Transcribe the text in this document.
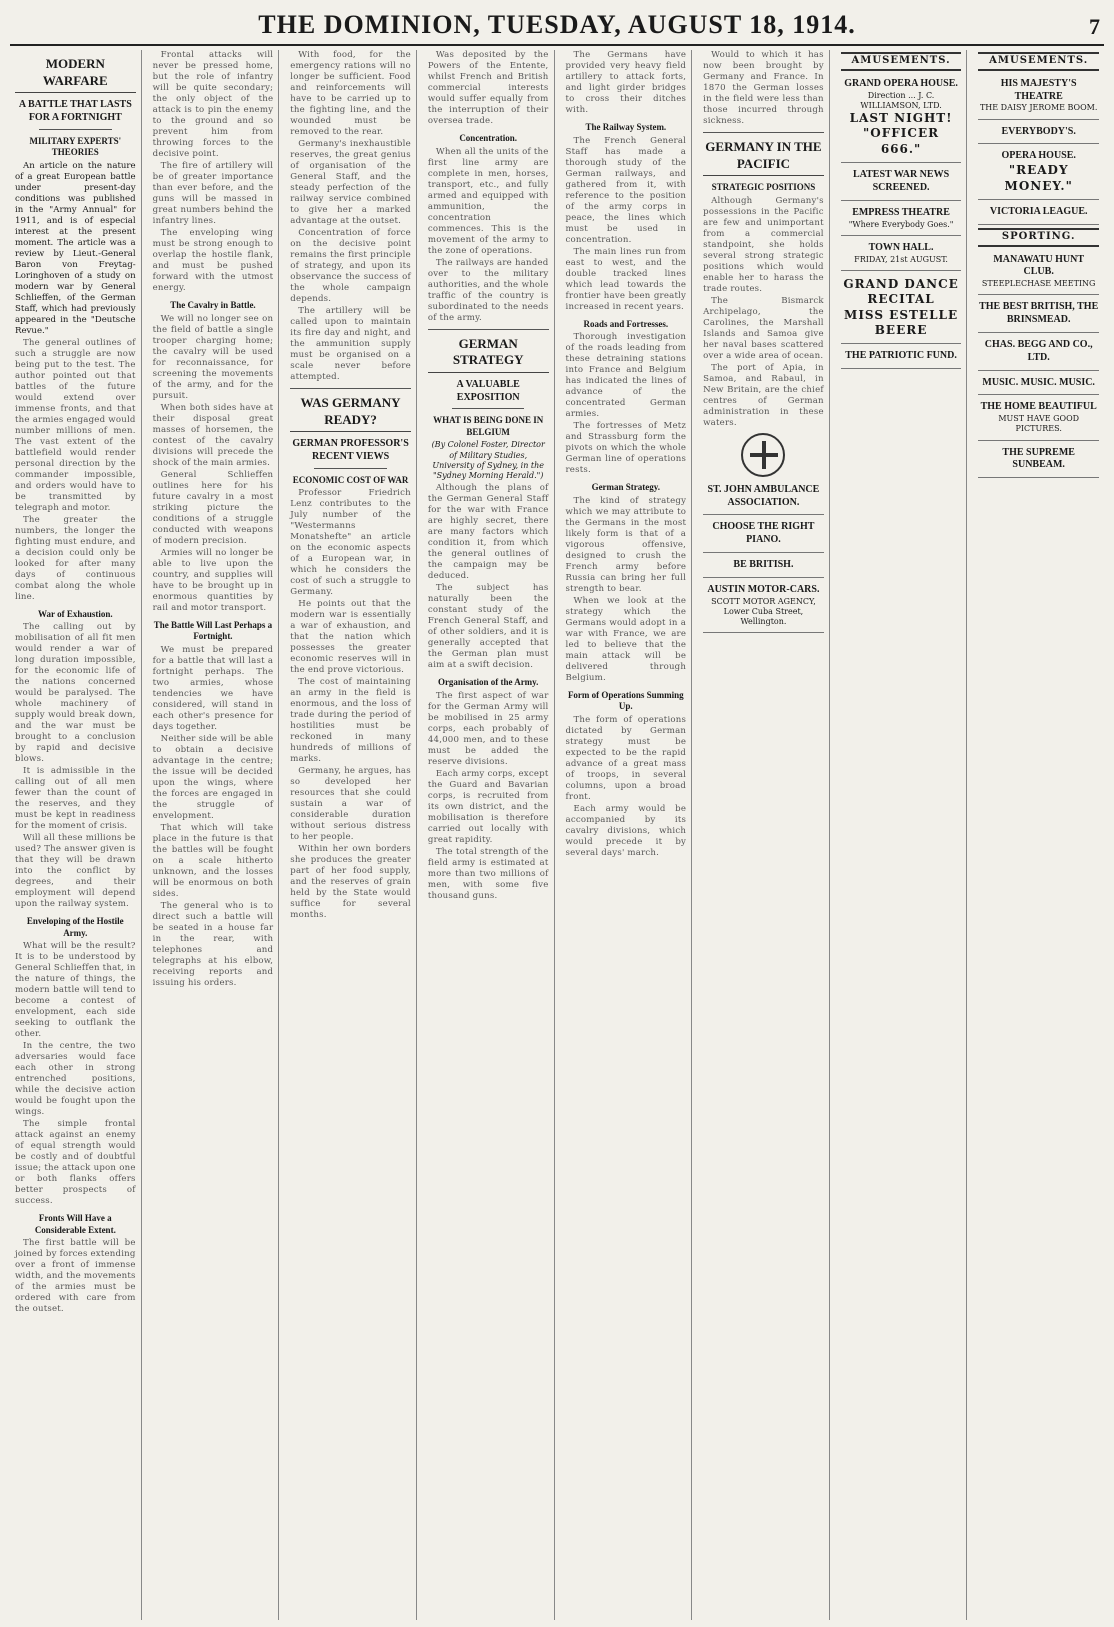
THE DOMINION, TUESDAY, AUGUST 18, 1914.	7
MODERN WARFARE
A BATTLE THAT LASTS FOR A FORTNIGHT
MILITARY EXPERTS' THEORIES

An article on the nature of a great European battle under present-day conditions was published in the "Army Annual" for 1911, and is of especial interest at the present moment. The article was a review by Lieut.-General Baron von Freytag-Loringhoven of a study on modern war by General Schlieffen, of the German Staff, which had previously appeared in the "Deutsche Revue."

The general outlines of such a struggle are now being put to the test. The author pointed out that battles of the future would extend over immense fronts, and that the armies engaged would number millions of men. The vast extent of the battlefield would render personal direction by the commander impossible, and orders would have to be transmitted by telegraph and motor.

The greater the numbers, the longer the fighting must endure, and a decision could only be looked for after many days of continuous combat along the whole line.

War of Exhaustion.

The calling out by mobilisation of all fit men would render a war of long duration impossible, for the economic life of the nations concerned would be paralysed. The whole machinery of supply would break down, and the war must be brought to a conclusion by rapid and decisive blows.

It is admissible in the calling out of all men fewer than the count of the reserves, and they must be kept in readiness for the moment of crisis.

Will all these millions be used? The answer given is that they will be drawn into the conflict by degrees, and their employment will depend upon the railway system.

Enveloping of the Hostile Army.

What will be the result? It is to be understood by General Schlieffen that, in the nature of things, the modern battle will tend to become a contest of envelopment, each side seeking to outflank the other.

In the centre, the two adversaries would face each other in strong entrenched positions, while the decisive action would be fought upon the wings.

The simple frontal attack against an enemy of equal strength would be costly and of doubtful issue; the attack upon one or both flanks offers better prospects of success.

Fronts Will Have a Considerable Extent.

The first battle will be joined by forces extending over a front of immense width, and the movements of the armies must be ordered with care from the outset.

Frontal attacks will never be pressed home, but the role of infantry will be quite secondary; the only object of the attack is to pin the enemy to the ground and so prevent him from throwing forces to the decisive point.

The fire of artillery will be of greater importance than ever before, and the guns will be massed in great numbers behind the infantry lines.

The enveloping wing must be strong enough to overlap the hostile flank, and must be pushed forward with the utmost energy.

The Cavalry in Battle.

We will no longer see on the field of battle a single trooper charging home; the cavalry will be used for reconnaissance, for screening the movements of the army, and for the pursuit.

When both sides have at their disposal great masses of horsemen, the contest of the cavalry divisions will precede the shock of the main armies.

General Schlieffen outlines here for his future cavalry in a most striking picture the conditions of a struggle conducted with weapons of modern precision.

Armies will no longer be able to live upon the country, and supplies will have to be brought up in enormous quantities by rail and motor transport.

The Battle Will Last Perhaps a Fortnight.

We must be prepared for a battle that will last a fortnight perhaps. The two armies, whose tendencies we have considered, will stand in each other's presence for days together.

Neither side will be able to obtain a decisive advantage in the centre; the issue will be decided upon the wings, where the forces are engaged in the struggle of envelopment.

That which will take place in the future is that the battles will be fought on a scale hitherto unknown, and the losses will be enormous on both sides.

The general who is to direct such a battle will be seated in a house far in the rear, with telephones and telegraphs at his elbow, receiving reports and issuing his orders.

With food, for the emergency rations will no longer be sufficient. Food and reinforcements will have to be carried up to the fighting line, and the wounded must be removed to the rear.

Germany's inexhaustible reserves, the great genius of organisation of the General Staff, and the steady perfection of the railway service combined to give her a marked advantage at the outset.

Concentration of force on the decisive point remains the first principle of strategy, and upon its observance the success of the whole campaign depends.

The artillery will be called upon to maintain its fire day and night, and the ammunition supply must be organised on a scale never before attempted.

WAS GERMANY READY?
GERMAN PROFESSOR'S RECENT VIEWS
ECONOMIC COST OF WAR

Professor Friedrich Lenz contributes to the July number of the "Westermanns Monatshefte" an article on the economic aspects of a European war, in which he considers the cost of such a struggle to Germany.

He points out that the modern war is essentially a war of exhaustion, and that the nation which possesses the greater economic reserves will in the end prove victorious.

The cost of maintaining an army in the field is enormous, and the loss of trade during the period of hostilities must be reckoned in many hundreds of millions of marks.

Germany, he argues, has so developed her resources that she could sustain a war of considerable duration without serious distress to her people.

Within her own borders she produces the greater part of her food supply, and the reserves of grain held by the State would suffice for several months.

Was deposited by the Powers of the Entente, whilst French and British commercial interests would suffer equally from the interruption of their oversea trade.

Concentration.

When all the units of the first line army are complete in men, horses, transport, etc., and fully armed and equipped with ammunition, the concentration commences. This is the movement of the army to the zone of operations.

The railways are handed over to the military authorities, and the whole traffic of the country is subordinated to the needs of the army.

GERMAN STRATEGY
A VALUABLE EXPOSITION
WHAT IS BEING DONE IN BELGIUM
(By Colonel Foster, Director of Military Studies, University of Sydney, in the "Sydney Morning Herald.")

Although the plans of the German General Staff for the war with France are highly secret, there are many factors which condition it, from which the general outlines of the campaign may be deduced.

The subject has naturally been the constant study of the French General Staff, and of other soldiers, and it is generally accepted that the German plan must aim at a swift decision.

Organisation of the Army.

The first aspect of war for the German Army will be mobilised in 25 army corps, each probably of 44,000 men, and to these must be added the reserve divisions.

Each army corps, except the Guard and Bavarian corps, is recruited from its own district, and the mobilisation is therefore carried out locally with great rapidity.

The total strength of the field army is estimated at more than two millions of men, with some five thousand guns.

The Germans have provided very heavy field artillery to attack forts, and light girder bridges to cross their ditches with.

The Railway System.

The French General Staff has made a thorough study of the German railways, and gathered from it, with reference to the position of the army corps in peace, the lines which must be used in concentration.

The main lines run from east to west, and the double tracked lines which lead towards the frontier have been greatly increased in recent years.

Roads and Fortresses.

Thorough investigation of the roads leading from these detraining stations into France and Belgium has indicated the lines of advance of the concentrated German armies.

The fortresses of Metz and Strassburg form the pivots on which the whole German line of operations rests.

German Strategy.

The kind of strategy which we may attribute to the Germans in the most likely form is that of a vigorous offensive, designed to crush the French army before Russia can bring her full strength to bear.

When we look at the strategy which the Germans would adopt in a war with France, we are led to believe that the main attack will be delivered through Belgium.

Form of Operations Summing Up.

The form of operations dictated by German strategy must be expected to be the rapid advance of a great mass of troops, in several columns, upon a broad front.

Each army would be accompanied by its cavalry divisions, which would precede it by several days' march.

Would to which it has now been brought by Germany and France. In 1870 the German losses in the field were less than those incurred through sickness.

GERMANY IN THE PACIFIC
STRATEGIC POSITIONS

Although Germany's possessions in the Pacific are few and unimportant from a commercial standpoint, she holds several strong strategic positions which would enable her to harass the trade routes.

The Bismarck Archipelago, the Carolines, the Marshall Islands and Samoa give her naval bases scattered over a wide area of ocean.

The port of Apia, in Samoa, and Rabaul, in New Britain, are the chief centres of German administration in these waters.

ST. JOHN AMBULANCE ASSOCIATION.
CHOOSE THE RIGHT PIANO.
BE BRITISH.
AUSTIN MOTOR-CARS.
SCOTT MOTOR AGENCY, Lower Cuba Street, Wellington.
AMUSEMENTS.
GRAND OPERA HOUSE.
Direction ... J. C. WILLIAMSON, LTD.
LAST NIGHT!
"OFFICER 666."
LATEST WAR NEWS SCREENED.
EMPRESS THEATRE
"Where Everybody Goes."
TOWN HALL.
FRIDAY, 21st AUGUST.
GRAND DANCE RECITAL
MISS ESTELLE BEERE
THE PATRIOTIC FUND.
AMUSEMENTS.
HIS MAJESTY'S THEATRE
THE DAISY JEROME BOOM.
EVERYBODY'S.
OPERA HOUSE.
"READY MONEY."
VICTORIA LEAGUE.
SPORTING.
MANAWATU HUNT CLUB.
STEEPLECHASE MEETING
THE BEST BRITISH, THE BRINSMEAD.
CHAS. BEGG AND CO., LTD.
MUSIC. MUSIC. MUSIC.
THE HOME BEAUTIFUL
MUST HAVE GOOD PICTURES.
THE SUPREME SUNBEAM.
